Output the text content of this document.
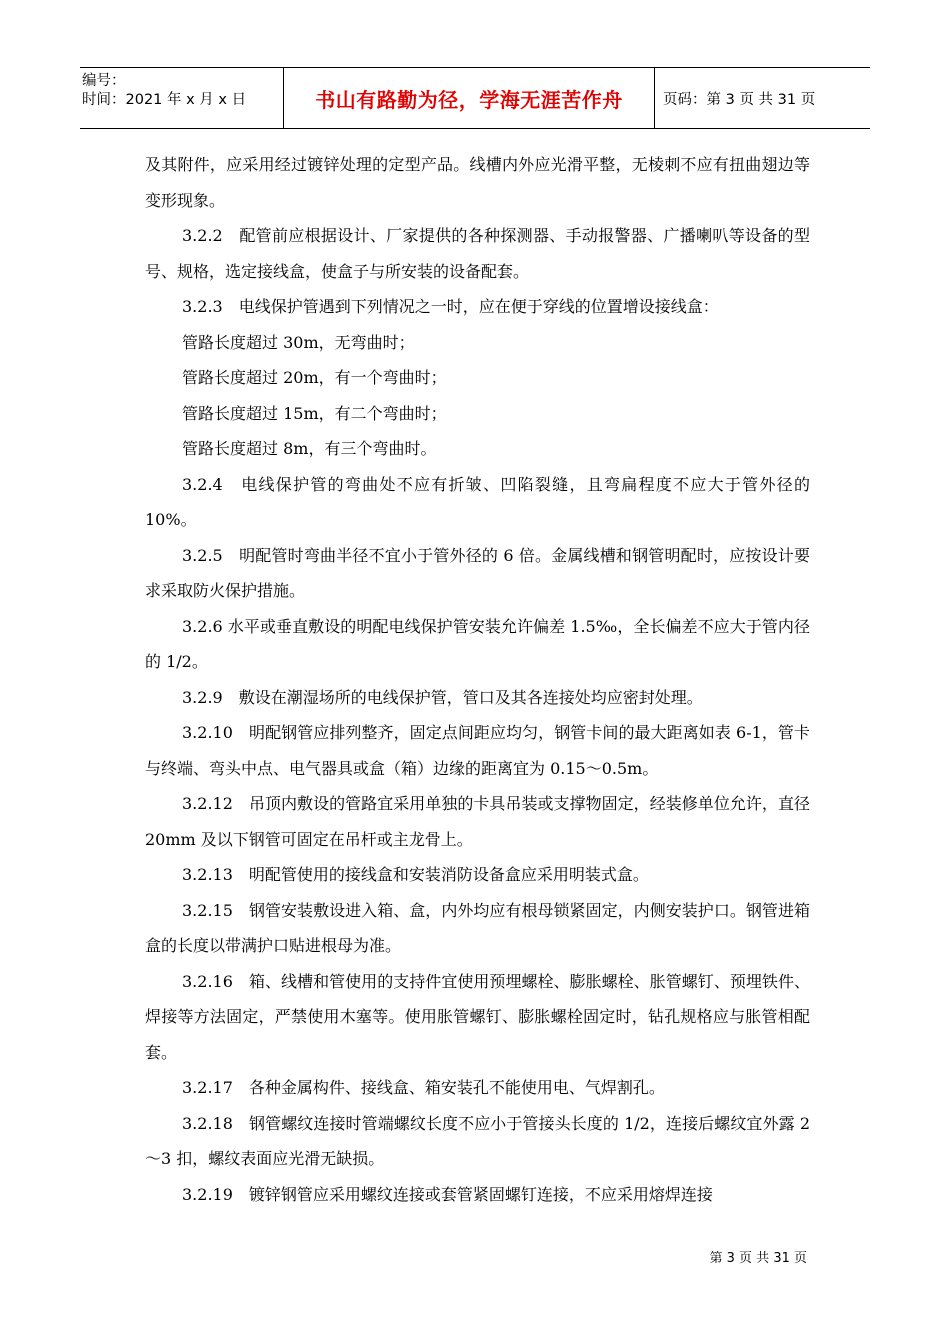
编号：
时间：2021 年 x 月 x 日	书山有路勤为径，学海无涯苦作舟	页码：第 3 页 共 31 页

及其附件，应采用经过镀锌处理的定型产品。线槽内外应光滑平整，无棱刺不应有扭曲翅边等变形现象。

3.2.2　配管前应根据设计、厂家提供的各种探测器、手动报警器、广播喇叭等设备的型号、规格，选定接线盒，使盒子与所安装的设备配套。

3.2.3　电线保护管遇到下列情况之一时，应在便于穿线的位置增设接线盒：

管路长度超过 30m，无弯曲时；

管路长度超过 20m，有一个弯曲时；

管路长度超过 15m，有二个弯曲时；

管路长度超过 8m，有三个弯曲时。

3.2.4　电线保护管的弯曲处不应有折皱、凹陷裂缝，且弯扁程度不应大于管外径的 10%。

3.2.5　明配管时弯曲半径不宜小于管外径的 6 倍。金属线槽和钢管明配时，应按设计要求采取防火保护措施。

3.2.6 水平或垂直敷设的明配电线保护管安装允许偏差 1.5‰，全长偏差不应大于管内径的 1/2。

3.2.9　敷设在潮湿场所的电线保护管，管口及其各连接处均应密封处理。

3.2.10　明配钢管应排列整齐，固定点间距应均匀，钢管卡间的最大距离如表 6-1，管卡与终端、弯头中点、电气器具或盒（箱）边缘的距离宜为 0.15～0.5m。

3.2.12　吊顶内敷设的管路宜采用单独的卡具吊装或支撑物固定，经装修单位允许，直径 20mm 及以下钢管可固定在吊杆或主龙骨上。

3.2.13　明配管使用的接线盒和安装消防设备盒应采用明装式盒。

3.2.15　钢管安装敷设进入箱、盒，内外均应有根母锁紧固定，内侧安装护口。钢管进箱盒的长度以带满护口贴进根母为准。

3.2.16　箱、线槽和管使用的支持件宜使用预埋螺栓、膨胀螺栓、胀管螺钉、预埋铁件、焊接等方法固定，严禁使用木塞等。使用胀管螺钉、膨胀螺栓固定时，钻孔规格应与胀管相配套。

3.2.17　各种金属构件、接线盒、箱安装孔不能使用电、气焊割孔。

3.2.18　钢管螺纹连接时管端螺纹长度不应小于管接头长度的 1/2，连接后螺纹宜外露 2～3 扣，螺纹表面应光滑无缺损。

3.2.19　镀锌钢管应采用螺纹连接或套管紧固螺钉连接，不应采用熔焊连接

第 3 页 共 31 页
